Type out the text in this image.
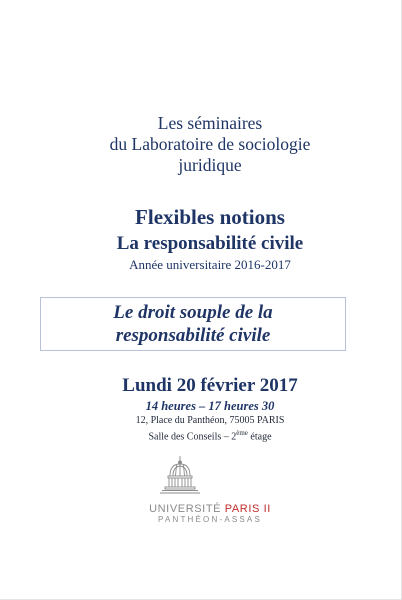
Les séminaires
du Laboratoire de sociologie
juridique
Flexibles notions
La responsabilité civile
Année universitaire 2016-2017
Le droit souple de la
responsabilité civile
Lundi 20 février 2017
14 heures – 17 heures 30
12, Place du Panthéon, 75005 PARIS
Salle des Conseils – 2ème étage
UNIVERSITÉ PARIS II
PANTHÉON-ASSAS
